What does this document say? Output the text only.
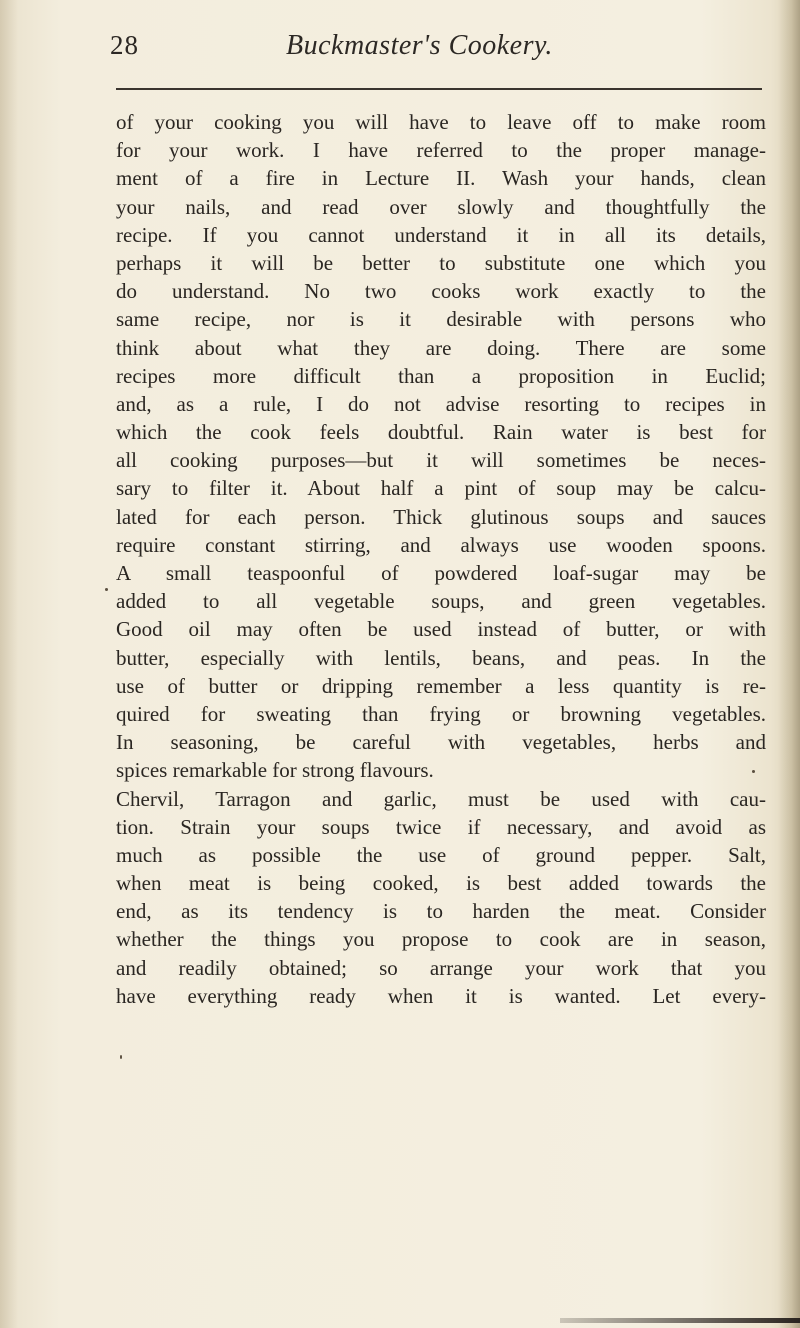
28	Buckmaster's Cookery.
of your cooking you will have to leave off to make room
for your work. I have referred to the proper manage-
ment of a fire in Lecture II. Wash your hands, clean
your nails, and read over slowly and thoughtfully the
recipe. If you cannot understand it in all its details,
perhaps it will be better to substitute one which you
do understand. No two cooks work exactly to the
same recipe, nor is it desirable with persons who
think about what they are doing. There are some
recipes more difficult than a proposition in Euclid;
and, as a rule, I do not advise resorting to recipes in
which the cook feels doubtful. Rain water is best for
all cooking purposes—but it will sometimes be neces-
sary to filter it. About half a pint of soup may be calcu-
lated for each person. Thick glutinous soups and sauces
require constant stirring, and always use wooden spoons.
A small teaspoonful of powdered loaf-sugar may be
added to all vegetable soups, and green vegetables.
Good oil may often be used instead of butter, or with
butter, especially with lentils, beans, and peas. In the
use of butter or dripping remember a less quantity is re-
quired for sweating than frying or browning vegetables.
In seasoning, be careful with vegetables, herbs and
spices remarkable for strong flavours.
Chervil, Tarragon and garlic, must be used with cau-
tion. Strain your soups twice if necessary, and avoid as
much as possible the use of ground pepper. Salt,
when meat is being cooked, is best added towards the
end, as its tendency is to harden the meat. Consider
whether the things you propose to cook are in season,
and readily obtained; so arrange your work that you
have everything ready when it is wanted. Let every-
